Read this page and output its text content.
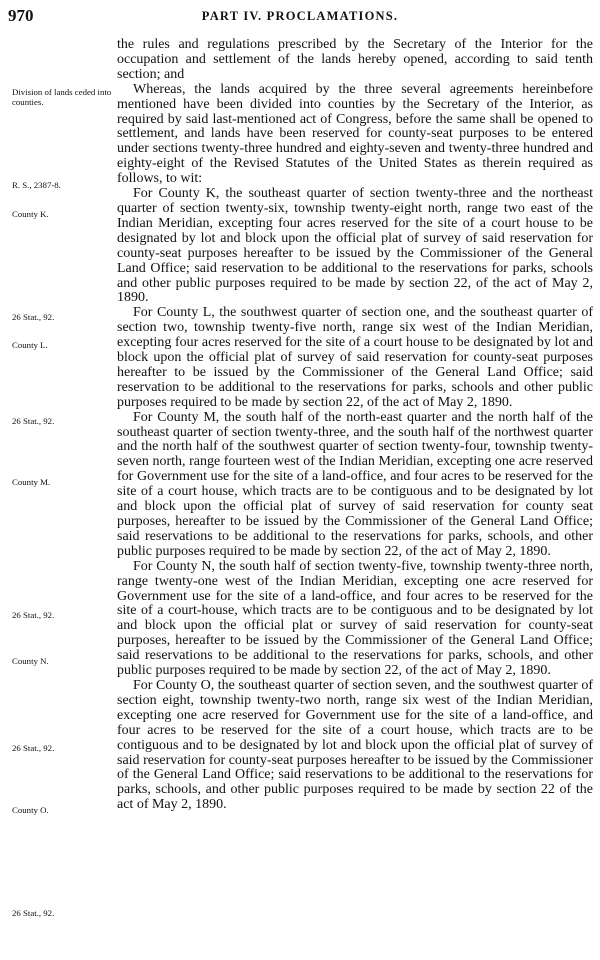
970	PART IV. PROCLAMATIONS.
Division of lands ceded into counties.
R. S., 2387-8.
County K.
26 Stat., 92.
County L.
26 Stat., 92.
County M.
26 Stat., 92.
County N.
26 Stat., 92.
County O.
26 Stat., 92.

the rules and regulations prescribed by the Secretary of the Interior for the occupation and settlement of the lands hereby opened, according to said tenth section; and

Whereas, the lands acquired by the three several agreements hereinbefore mentioned have been divided into counties by the Secretary of the Interior, as required by said last-mentioned act of Congress, before the same shall be opened to settlement, and lands have been reserved for county-seat purposes to be entered under sections twenty-three hundred and eighty-seven and twenty-three hundred and eighty-eight of the Revised Statutes of the United States as therein required as follows, to wit:

For County K, the southeast quarter of section twenty-three and the northeast quarter of section twenty-six, township twenty-eight north, range two east of the Indian Meridian, excepting four acres reserved for the site of a court house to be designated by lot and block upon the official plat of survey of said reservation for county-seat purposes hereafter to be issued by the Commissioner of the General Land Office; said reservation to be additional to the reservations for parks, schools and other public purposes required to be made by section 22, of the act of May 2, 1890.

For County L, the southwest quarter of section one, and the southeast quarter of section two, township twenty-five north, range six west of the Indian Meridian, excepting four acres reserved for the site of a court house to be designated by lot and block upon the official plat of survey of said reservation for county-seat purposes hereafter to be issued by the Commissioner of the General Land Office; said reservation to be additional to the reservations for parks, schools and other public purposes required to be made by section 22, of the act of May 2, 1890.

For County M, the south half of the north-east quarter and the north half of the southeast quarter of section twenty-three, and the south half of the northwest quarter and the north half of the southwest quarter of section twenty-four, township twenty-seven north, range fourteen west of the Indian Meridian, excepting one acre reserved for Government use for the site of a land-office, and four acres to be reserved for the site of a court house, which tracts are to be contiguous and to be designated by lot and block upon the official plat of survey of said reservation for county seat purposes, hereafter to be issued by the Commissioner of the General Land Office; said reservations to be additional to the reservations for parks, schools, and other public purposes required to be made by section 22, of the act of May 2, 1890.

For County N, the south half of section twenty-five, township twenty-three north, range twenty-one west of the Indian Meridian, excepting one acre reserved for Government use for the site of a land-office, and four acres to be reserved for the site of a court-house, which tracts are to be contiguous and to be designated by lot and block upon the official plat or survey of said reservation for county-seat purposes, hereafter to be issued by the Commissioner of the General Land Office; said reservations to be additional to the reservations for parks, schools, and other public purposes required to be made by section 22, of the act of May 2, 1890.

For County O, the southeast quarter of section seven, and the southwest quarter of section eight, township twenty-two north, range six west of the Indian Meridian, excepting one acre reserved for Government use for the site of a land-office, and four acres to be reserved for the site of a court house, which tracts are to be contiguous and to be designated by lot and block upon the official plat of survey of said reservation for county-seat purposes hereafter to be issued by the Commissioner of the General Land Office; said reservations to be additional to the reservations for parks, schools, and other public purposes required to be made by section 22 of the act of May 2, 1890.
